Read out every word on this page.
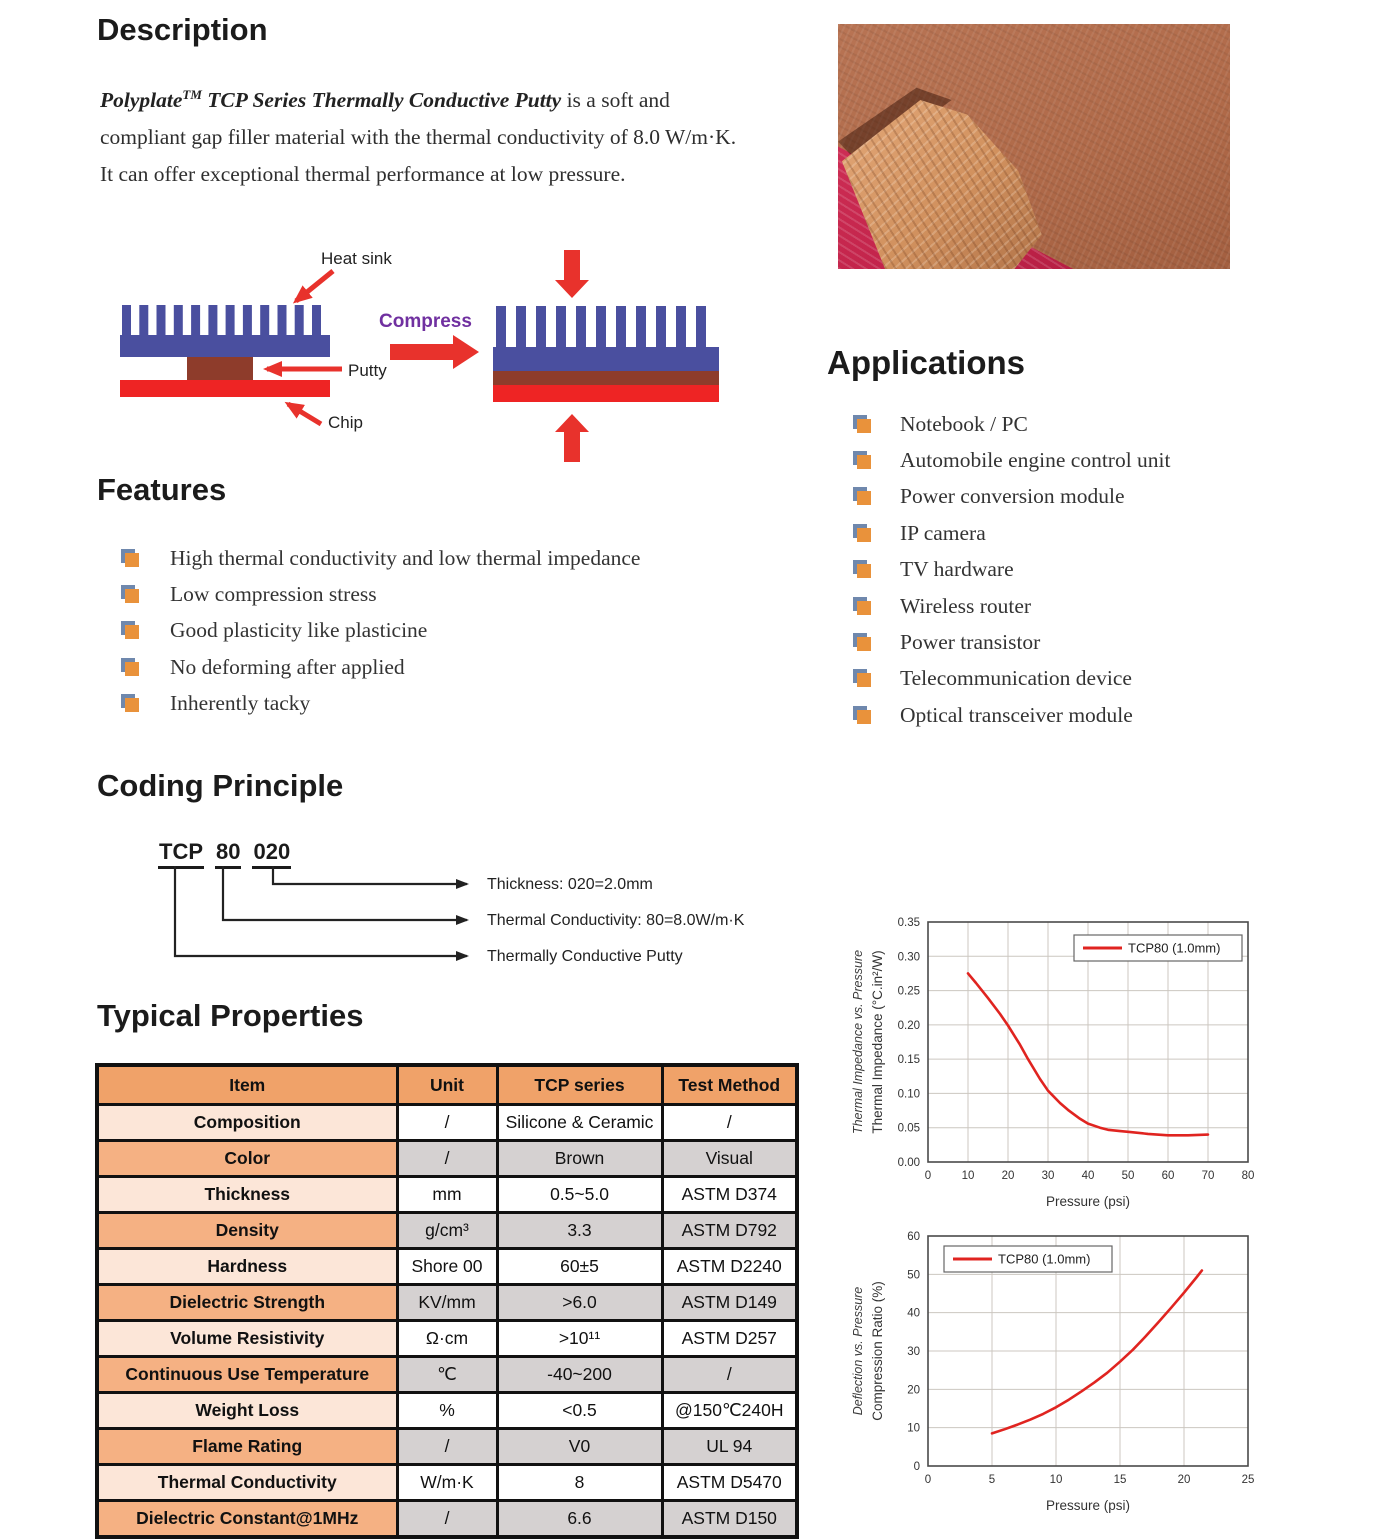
Description

Polyplate™ TCP Series Thermally Conductive Putty is a soft and compliant gap filler material with the thermal conductivity of 8.0 W/m·K. It can offer exceptional thermal performance at low pressure.

Heat sink
Putty
Chip
Compress
Features
High thermal conductivity and low thermal impedance
Low compression stress
Good plasticity like plasticine
No deforming after applied
Inherently tacky
Applications
Notebook / PC
Automobile engine control unit
Power conversion module
IP camera
TV hardware
Wireless router
Power transistor
Telecommunication device
Optical transceiver module
Coding Principle
TCP 80 020
Thickness: 020=2.0mm
Thermal Conductivity: 80=8.0W/m·K
Thermally Conductive Putty
Typical Properties
Item	Unit	TCP series	Test Method
Composition	/	Silicone & Ceramic	/
Color	/	Brown	Visual
Thickness	mm	0.5~5.0	ASTM D374
Density	g/cm³	3.3	ASTM D792
Hardness	Shore 00	60±5	ASTM D2240
Dielectric Strength	KV/mm	>6.0	ASTM D149
Volume Resistivity	Ω·cm	>10¹¹	ASTM D257
Continuous Use Temperature	℃	-40~200	/
Weight Loss	%	<0.5	@150℃240H
Flame Rating	/	V0	UL 94
Thermal Conductivity	W/m·K	8	ASTM D5470
Dielectric Constant@1MHz	/	6.6	ASTM D150
0	10 20 30 40 50 60 70 80
0.00
0.05
0.10
0.15
0.20
0.25
0.30
0.35
Pressure (psi)
Thermal Impedance (°C.in²/W)
Thermal Impedance vs. Pressure
TCP80 (1.0mm)
0	5	10	15	20	25
0
10
20
30
40
50
60
Pressure (psi)
Compression Ratio (%)
Deflection vs. Pressure
TCP80 (1.0mm)
